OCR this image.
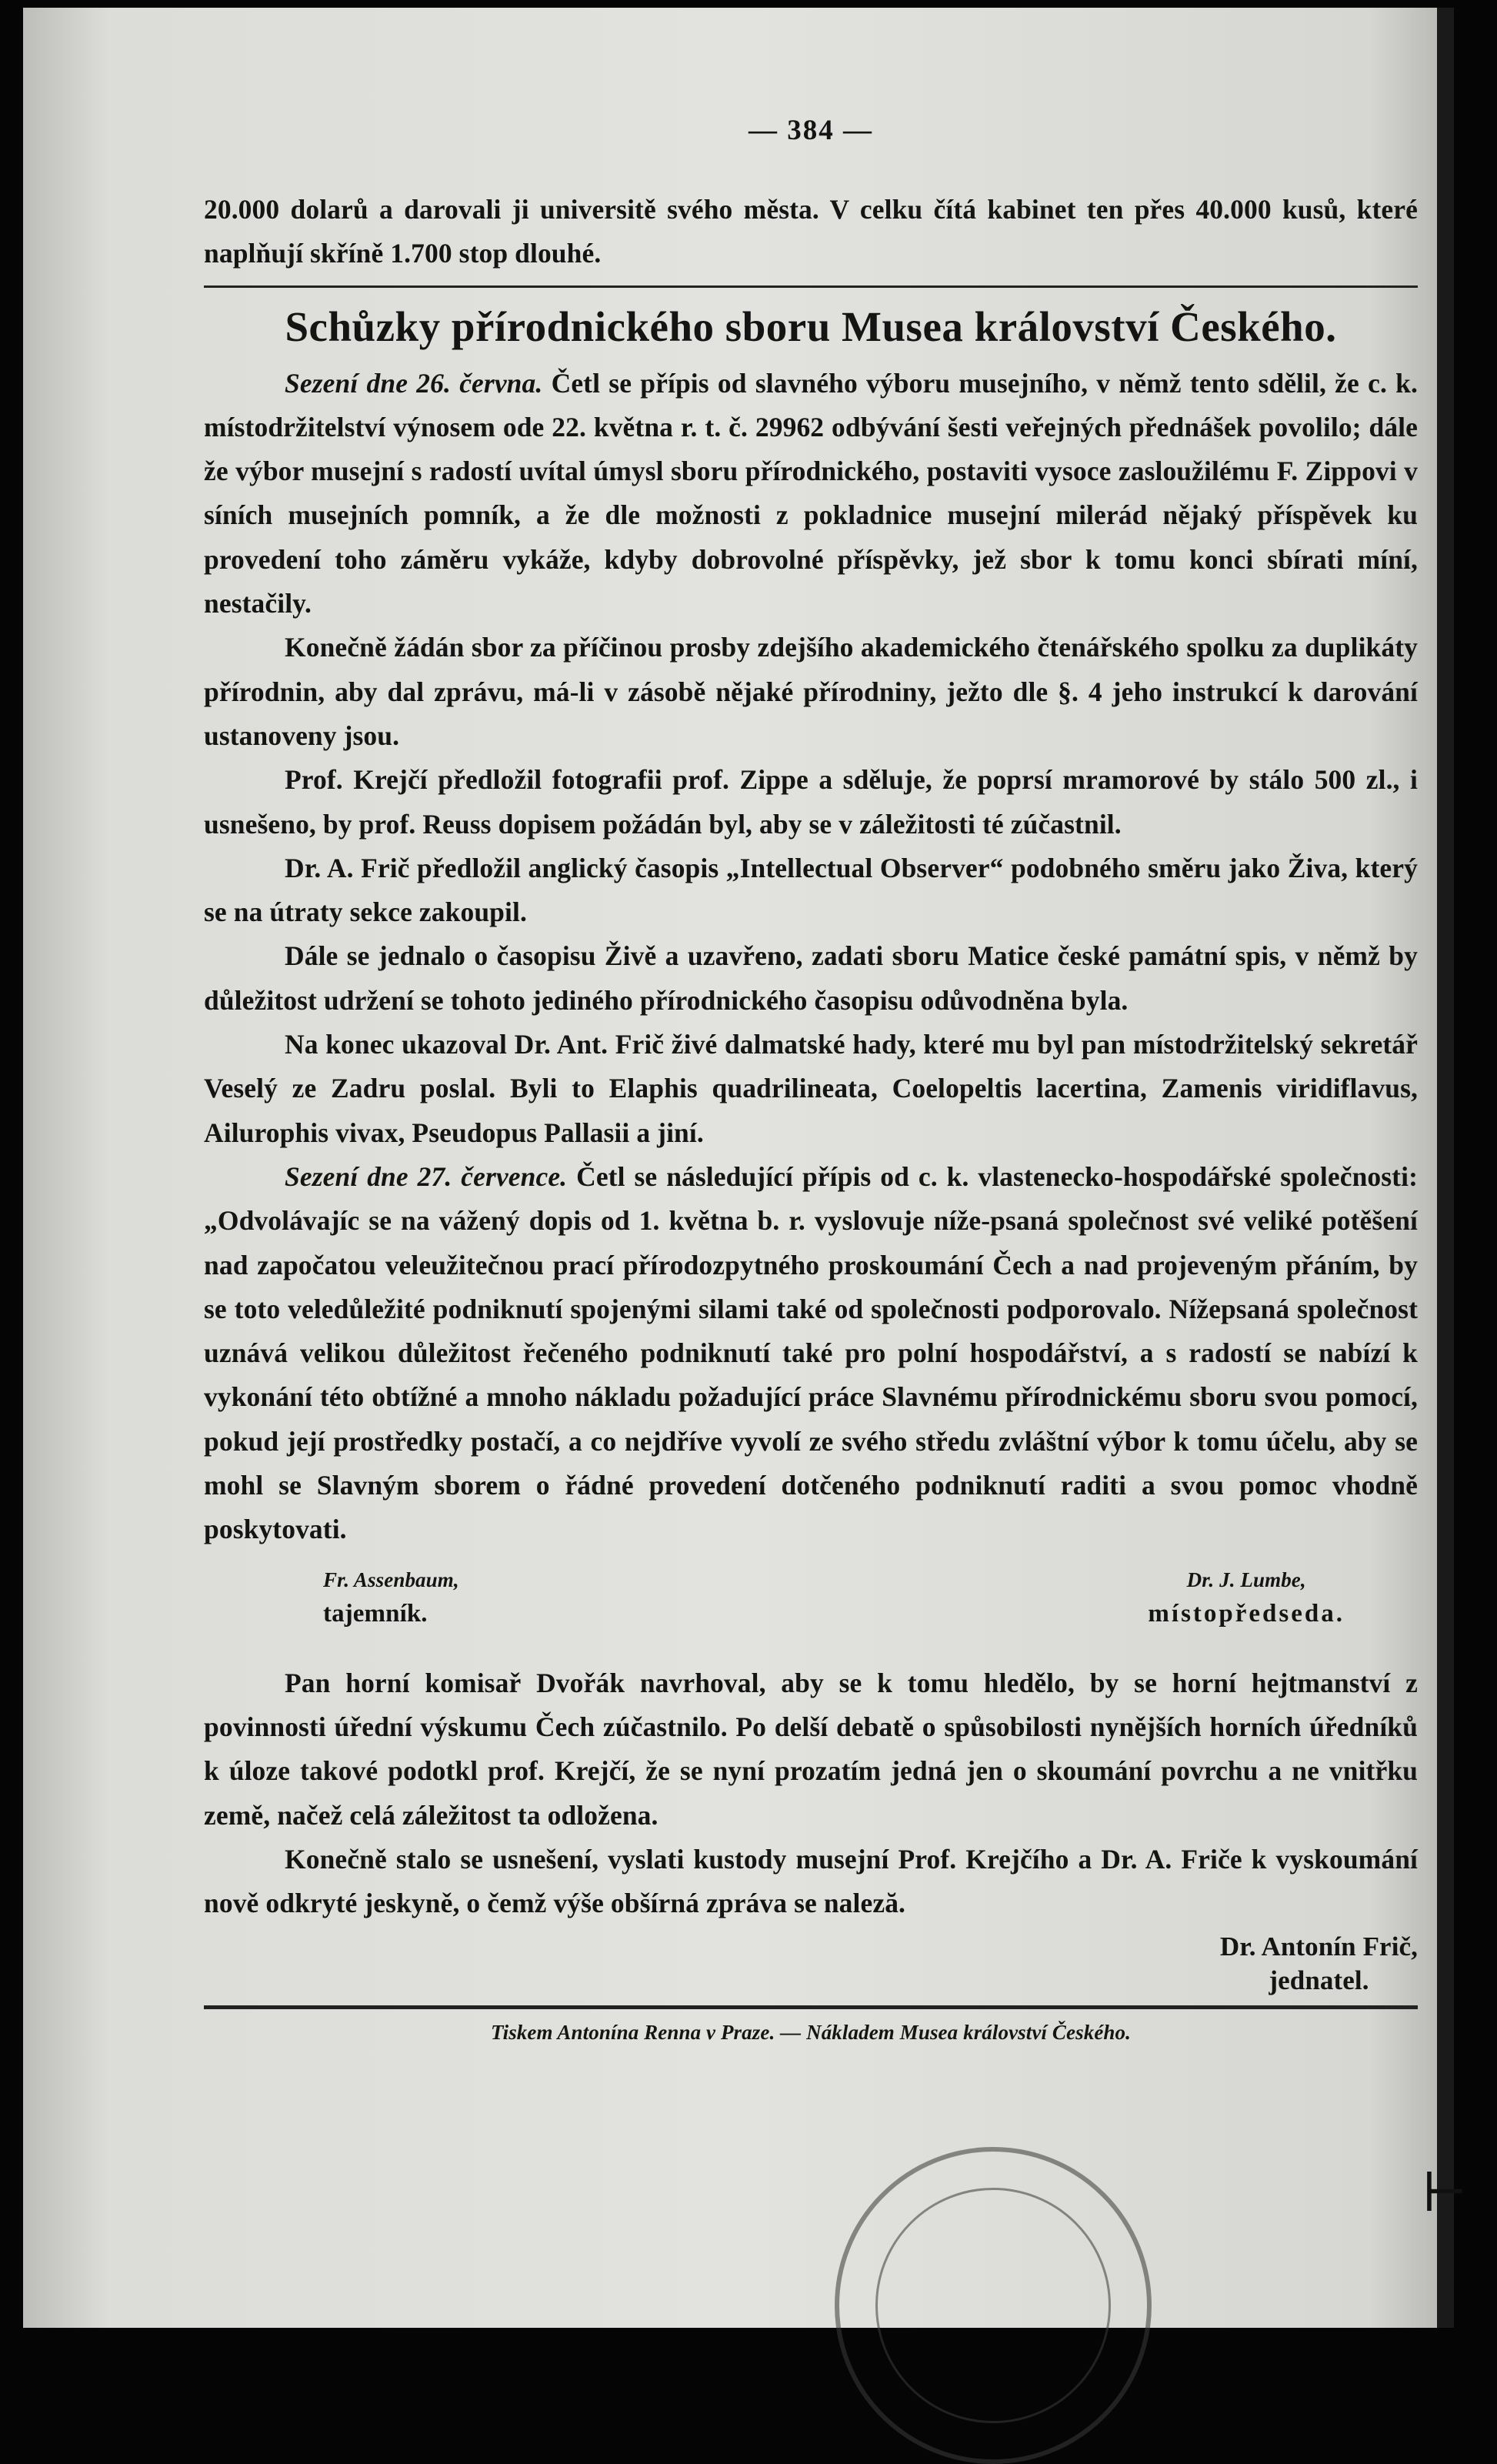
— 384 —

20.000 dolarů a darovali ji universitě svého města. V celku čítá kabinet ten přes 40.000 kusů, které naplňují skříně 1.700 stop dlouhé.

Schůzky přírodnického sboru Musea království Českého.

Sezení dne 26. června. Četl se přípis od slavného výboru musejního, v němž tento sdělil, že c. k. místodržitelství výnosem ode 22. května r. t. č. 29962 odbývání šesti veřejných přednášek povolilo; dále že výbor musejní s radostí uvítal úmysl sboru přírodnického, postaviti vysoce zasloužilému F. Zippovi v síních musejních pomník, a že dle možnosti z pokladnice musejní milerád nějaký příspěvek ku provedení toho záměru vykáže, kdyby dobrovolné příspěvky, jež sbor k tomu konci sbírati míní, nestačily.

Konečně žádán sbor za příčinou prosby zdejšího akademického čtenářského spolku za duplikáty přírodnin, aby dal zprávu, má-li v zásobě nějaké přírodniny, ježto dle §. 4 jeho instrukcí k darování ustanoveny jsou.

Prof. Krejčí předložil fotografii prof. Zippe a sděluje, že poprsí mramorové by stálo 500 zl., i usnešeno, by prof. Reuss dopisem požádán byl, aby se v záležitosti té zúčastnil.

Dr. A. Frič předložil anglický časopis „Intellectual Observer“ podobného směru jako Živa, který se na útraty sekce zakoupil.

Dále se jednalo o časopisu Živě a uzavřeno, zadati sboru Matice české památní spis, v němž by důležitost udržení se tohoto jediného přírodnického časopisu odůvodněna byla.

Na konec ukazoval Dr. Ant. Frič živé dalmatské hady, které mu byl pan místodržitelský sekretář Veselý ze Zadru poslal. Byli to Elaphis quadrilineata, Coelopeltis lacertina, Zamenis viridiflavus, Ailurophis vivax, Pseudopus Pallasii a jiní.

Sezení dne 27. července. Četl se následující přípis od c. k. vlastenecko-hospodářské společnosti: „Odvolávajíc se na vážený dopis od 1. května b. r. vyslovuje níže-psaná společnost své veliké potěšení nad započatou veleužitečnou prací přírodozpytného proskoumání Čech a nad projeveným přáním, by se toto veledůležité podniknutí spojenými silami také od společnosti podporovalo. Nížepsaná společnost uznává velikou důležitost řečeného podniknutí také pro polní hospodářství, a s radostí se nabízí k vykonání této obtížné a mnoho nákladu požadující práce Slavnému přírodnickému sboru svou pomocí, pokud její prostředky postačí, a co nejdříve vyvolí ze svého středu zvláštní výbor k tomu účelu, aby se mohl se Slavným sborem o řádné provedení dotčeného podniknutí raditi a svou pomoc vhodně poskytovati.

Fr. Assenbaum,
tajemník.
Dr. J. Lumbe,
místopředseda.

Pan horní komisař Dvořák navrhoval, aby se k tomu hledělo, by se horní hejtmanství z povinnosti úřední výskumu Čech zúčastnilo. Po delší debatě o spůsobilosti nynějších horních úředníků k úloze takové podotkl prof. Krejčí, že se nyní prozatím jedná jen o skoumání povrchu a ne vnitřku země, načež celá záležitost ta odložena.

Konečně stalo se usnešení, vyslati kustody musejní Prof. Krejčího a Dr. A. Friče k vyskoumání nově odkryté jeskyně, o čemž výše obšírná zpráva se naleză.

Dr. Antonín Frič,
jednatel.
Tiskem Antonína Renna v Praze. — Nákladem Musea království Českého.
⊢
